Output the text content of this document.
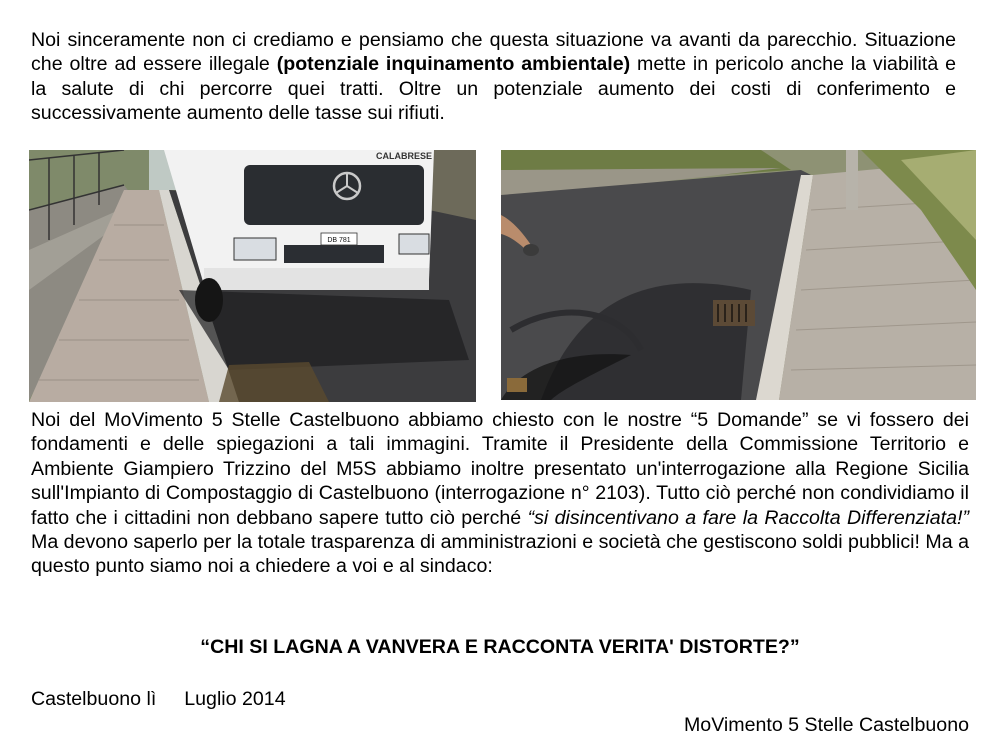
Noi sinceramente non ci crediamo e pensiamo che questa situazione va avanti da parecchio. Situazione che oltre ad essere illegale (potenziale inquinamento ambientale) mette in pericolo anche la viabilità e la salute di chi percorre quei tratti. Oltre un potenziale aumento dei costi di conferimento e successivamente aumento delle tasse sui rifiuti.

DB 781
CALABRESE

Noi del MoVimento 5 Stelle Castelbuono abbiamo chiesto con le nostre “5 Domande” se vi fossero dei fondamenti e delle spiegazioni a tali immagini. Tramite il Presidente della Commissione Territorio e Ambiente Giampiero Trizzino del M5S abbiamo inoltre presentato un'interrogazione alla Regione Sicilia sull'Impianto di Compostaggio di Castelbuono (interrogazione n° 2103). Tutto ciò perché non condividiamo il fatto che i cittadini non debbano sapere tutto ciò perché “si disincentivano a fare la Raccolta Differenziata!” Ma devono saperlo per la totale trasparenza di amministrazioni e società che gestiscono soldi pubblici! Ma a questo punto siamo noi a chiedere a voi e al sindaco:

“CHI SI LAGNA A VANVERA E RACCONTA VERITA' DISTORTE?”
Castelbuono lì Luglio 2014
MoVimento 5 Stelle Castelbuono
